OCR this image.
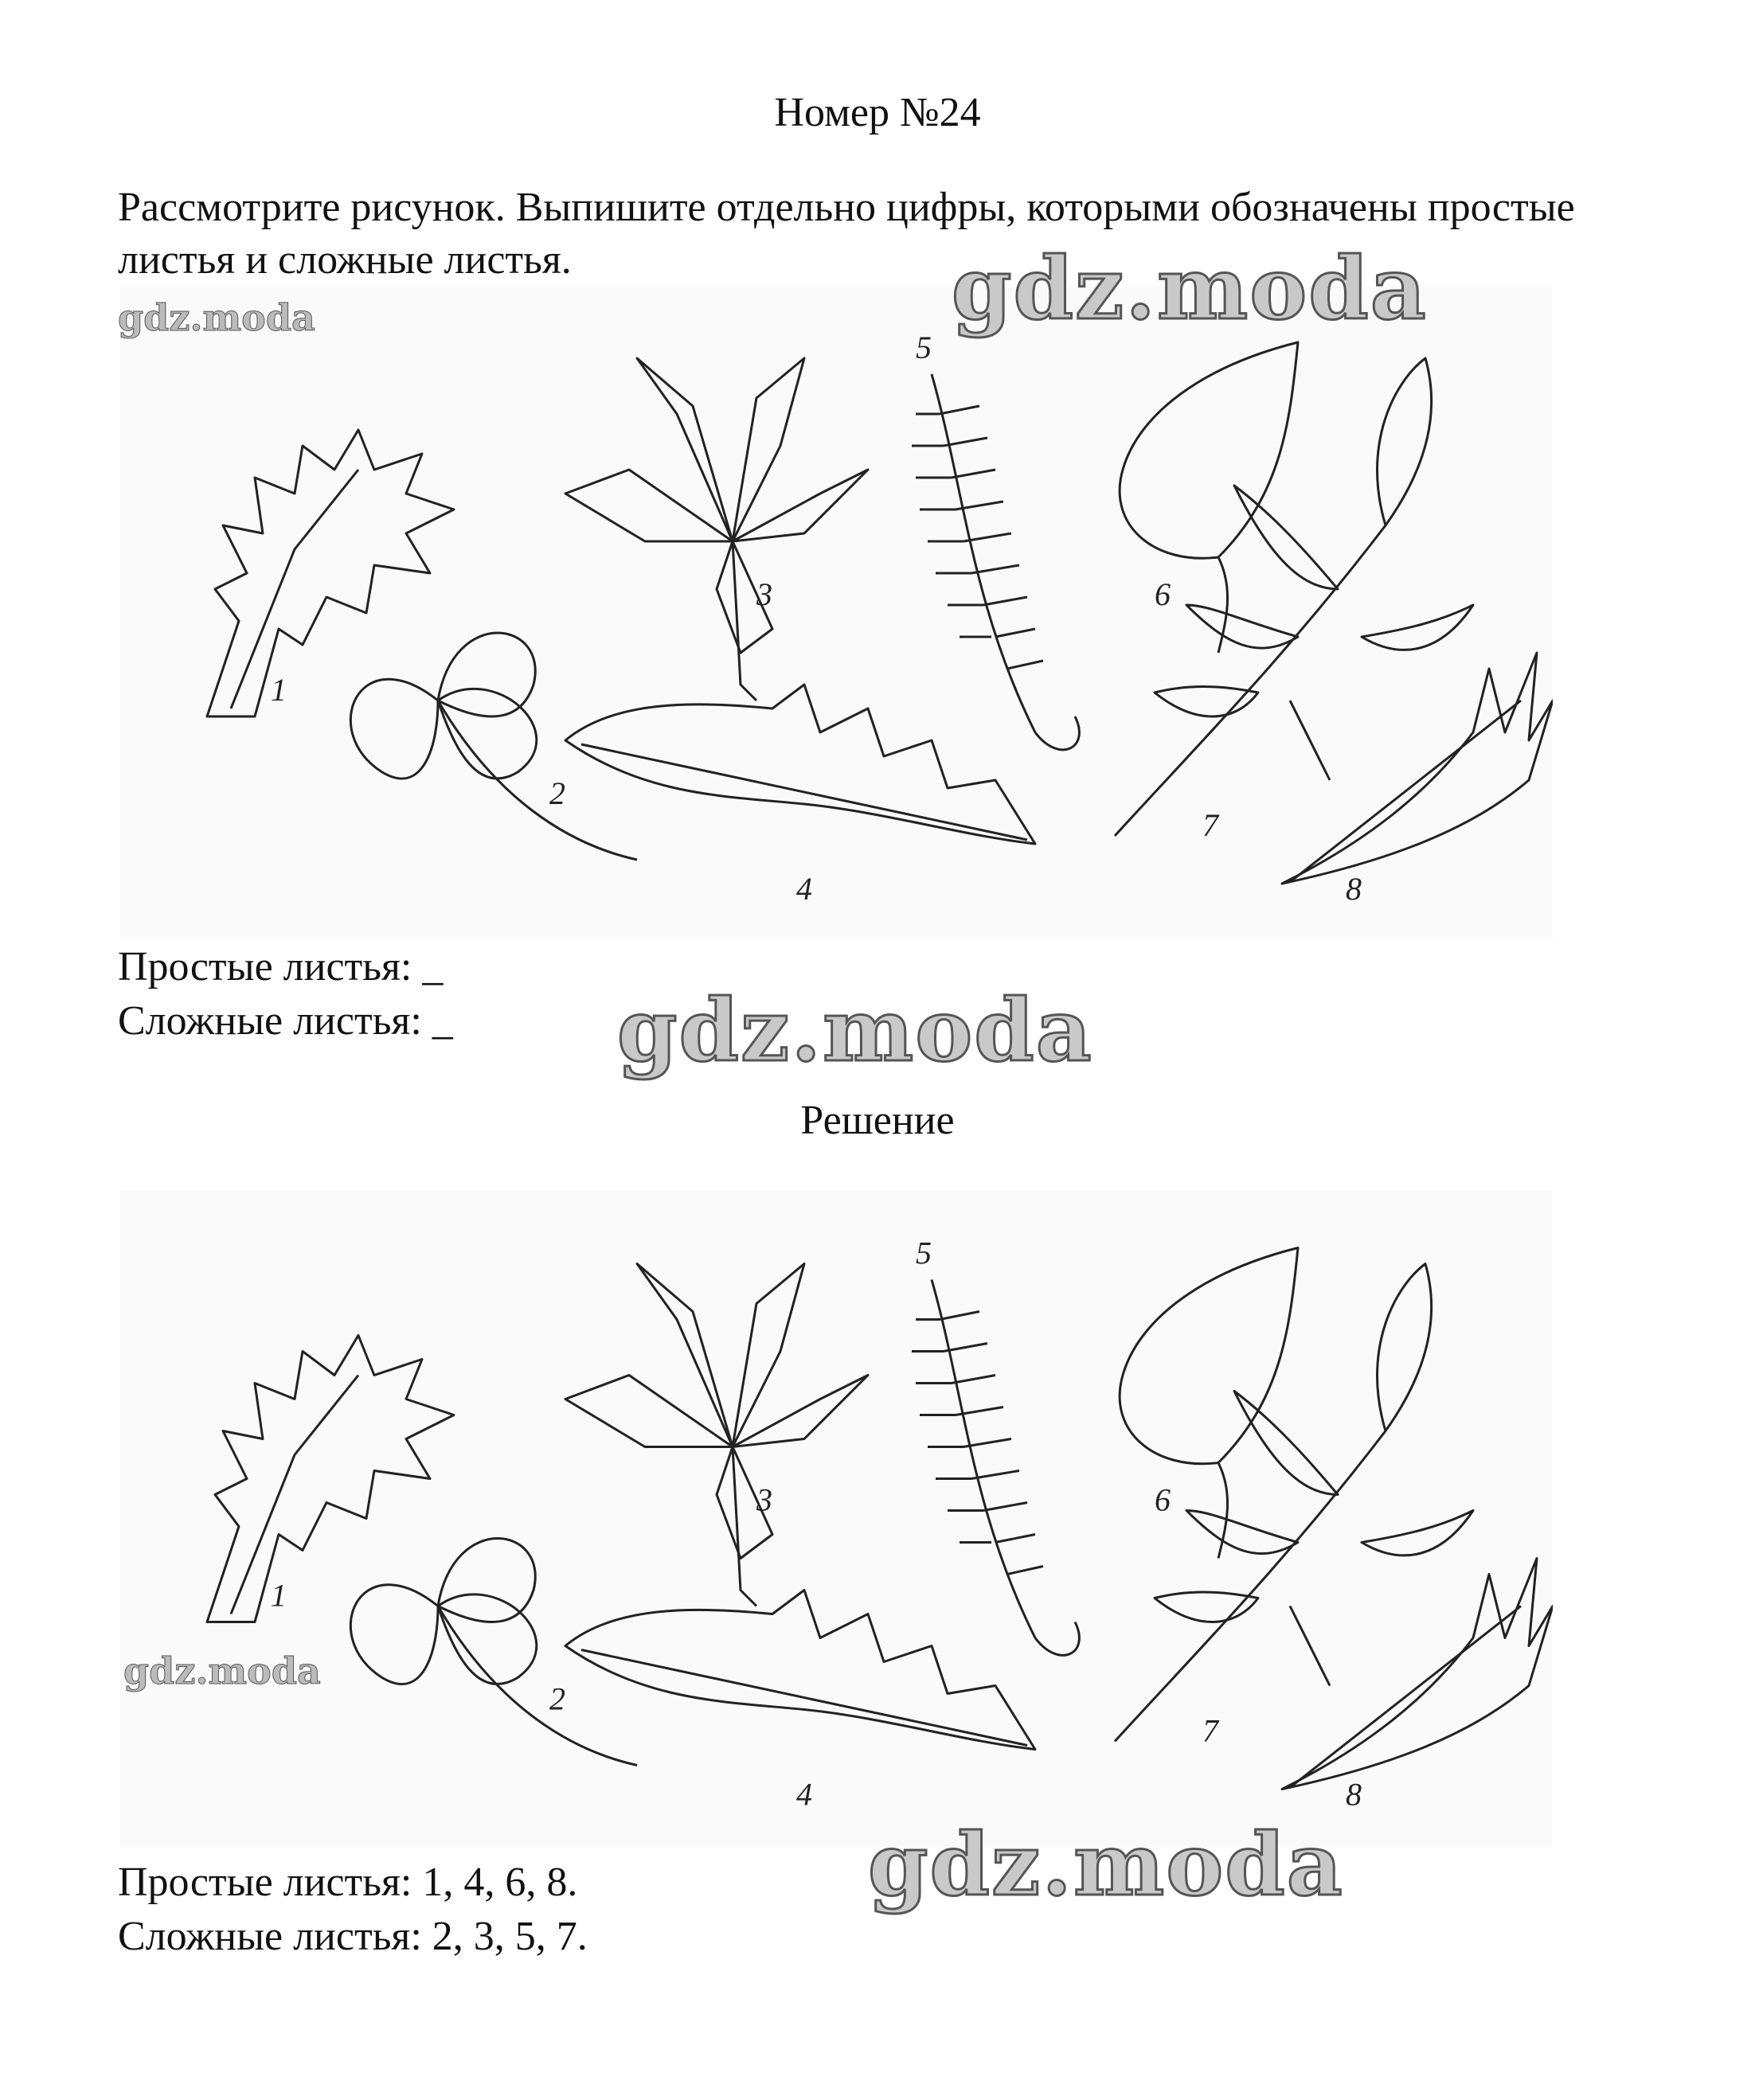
Номер №24
Рассмотрите рисунок. Выпишите отдельно цифры, которыми обозначены простые листья и сложные листья.
1
2
3
4
5
6
7
8
Простые листья: _
Сложные листья: _
Решение
1
2
3
4
5
6
7
8
Простые листья: 1, 4, 6, 8.
Сложные листья: 2, 3, 5, 7.
gdz.moda
gdz.moda
gdz.moda
gdz.moda
gdz.moda
